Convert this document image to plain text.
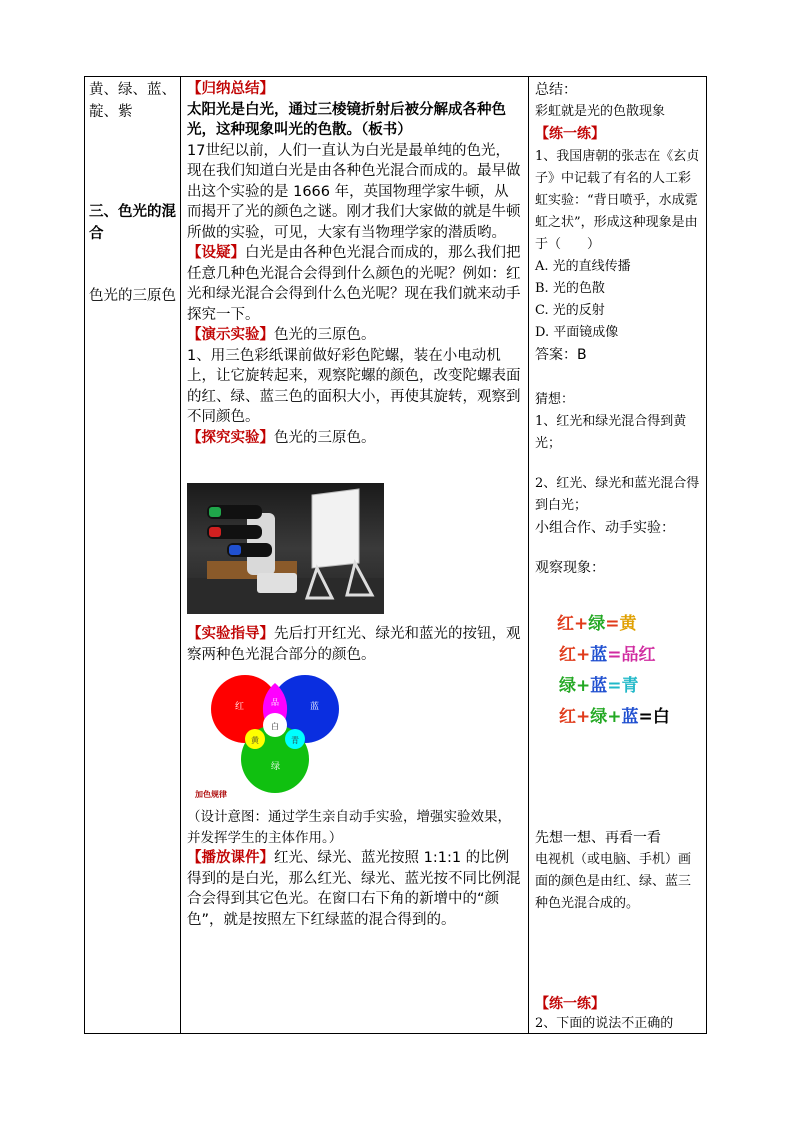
黄、绿、蓝、靛、紫

三、色光的混合

色光的三原色

【归纳总结】

太阳光是白光，通过三棱镜折射后被分解成各种色光，这种现象叫光的色散。（板书）

17世纪以前，人们一直认为白光是最单纯的色光，现在我们知道白光是由各种色光混合而成的。最早做出这个实验的是 1666 年，英国物理学家牛顿，从而揭开了光的颜色之谜。刚才我们大家做的就是牛顿所做的实验，可见，大家有当物理学家的潜质哟。

【设疑】白光是由各种色光混合而成的，那么我们把任意几种色光混合会得到什么颜色的光呢？例如：红光和绿光混合会得到什么色光呢？现在我们就来动手探究一下。

【演示实验】色光的三原色。

1、用三色彩纸课前做好彩色陀螺，装在小电动机上，让它旋转起来，观察陀螺的颜色，改变陀螺表面的红、绿、蓝三色的面积大小，再使其旋转，观察到不同颜色。

【探究实验】色光的三原色。

【实验指导】先后打开红光、绿光和蓝光的按钮，观察两种色光混合部分的颜色。

红	蓝
品
白
黄	青
绿
加色规律

（设计意图：通过学生亲自动手实验，增强实验效果，并发挥学生的主体作用。）

【播放课件】红光、绿光、蓝光按照 1:1:1 的比例得到的是白光，那么红光、绿光、蓝光按不同比例混合会得到其它色光。在窗口右下角的新增中的“颜色”，就是按照左下红绿蓝的混合得到的。

总结：

彩虹就是光的色散现象

【练一练】

1、我国唐朝的张志在《玄贞子》中记载了有名的人工彩虹实验：“背日喷乎，水成霓虹之状”，形成这种现象是由于（　　）

A. 光的直线传播

B. 光的色散

C. 光的反射

D. 平面镜成像

答案：B

猜想：

1、红光和绿光混合得到黄光；

2、红光、绿光和蓝光混合得到白光；

小组合作、动手实验：

观察现象：

红+绿=黄
红+蓝=品红
绿+蓝=青
红+绿+蓝=白

先想一想、再看一看

电视机（或电脑、手机）画面的颜色是由红、绿、蓝三种色光混合成的。

【练一练】

2、下面的说法不正确的
